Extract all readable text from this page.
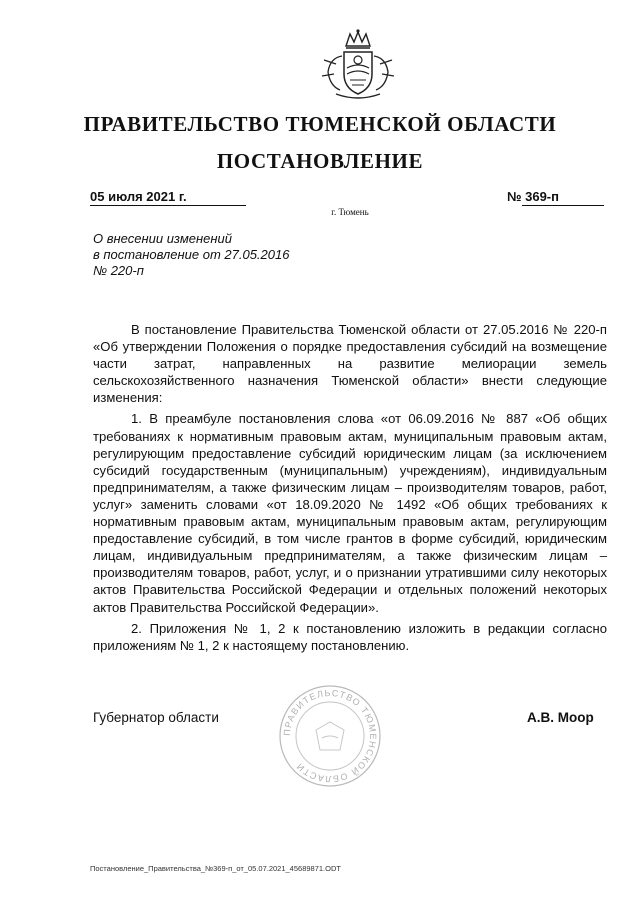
ПРАВИТЕЛЬСТВО ТЮМЕНСКОЙ ОБЛАСТИ
ПОСТАНОВЛЕНИЕ
05 июля 2021 г.	№ 369-п
г. Тюмень
О внесении изменений
в постановление от 27.05.2016
№ 220-п

В постановление Правительства Тюменской области от 27.05.2016 № 220-п «Об утверждении Положения о порядке предоставления субсидий на возмещение части затрат, направленных на развитие мелиорации земель сельскохозяйственного назначения Тюменской области» внести следующие изменения:

1. В преамбуле постановления слова «от 06.09.2016 № 887 «Об общих требованиях к нормативным правовым актам, муниципальным правовым актам, регулирующим предоставление субсидий юридическим лицам (за исключением субсидий государственным (муниципальным) учреждениям), индивидуальным предпринимателям, а также физическим лицам – производителям товаров, работ, услуг» заменить словами «от 18.09.2020 № 1492 «Об общих требованиях к нормативным правовым актам, муниципальным правовым актам, регулирующим предоставление субсидий, в том числе грантов в форме субсидий, юридическим лицам, индивидуальным предпринимателям, а также физическим лицам – производителям товаров, работ, услуг, и о признании утратившими силу некоторых актов Правительства Российской Федерации и отдельных положений некоторых актов Правительства Российской Федерации».

2. Приложения № 1, 2 к постановлению изложить в редакции согласно приложениям № 1, 2 к настоящему постановлению.

Губернатор области
ПРАВИТЕЛЬСТВО ТЮМЕНСКОЙ ОБЛАСТИ
А.В. Моор
Постановление_Правительства_№369-п_от_05.07.2021_45689871.ODT
